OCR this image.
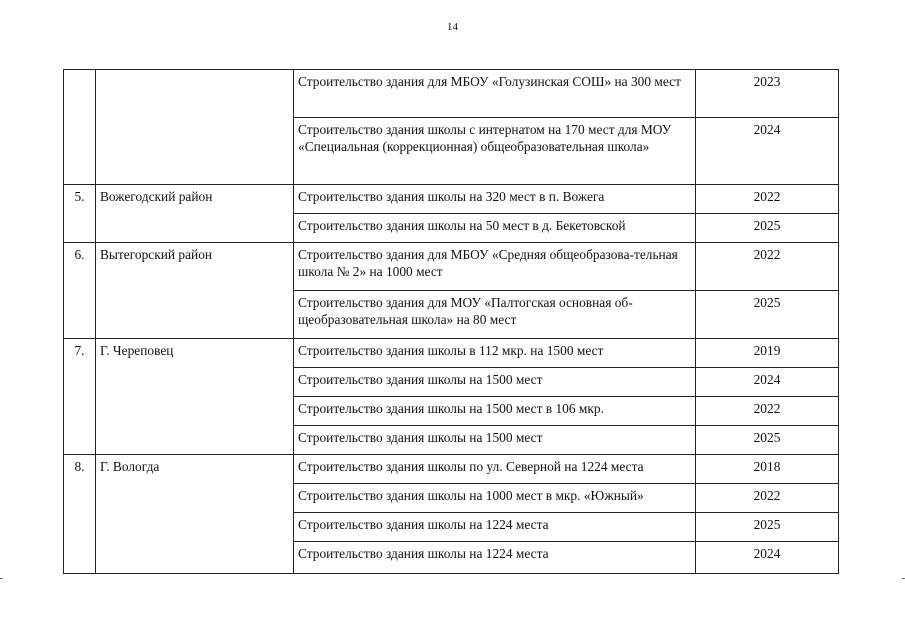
14
		Строительство здания для МБОУ «Голузинская СОШ» на 300 мест	2023
		Строительство здания школы с интернатом на 170 мест для МОУ «Специальная (коррекционная) общеобразовательная школа»	2024
5.	Вожегодский район	Строительство здания школы на 320 мест в п. Вожега	2022
		Строительство здания школы на 50 мест в д. Бекетовской	2025
6.	Вытегорский район	Строительство здания для МБОУ «Средняя общеобразова-тельная школа № 2» на 1000 мест	2022
		Строительство здания для МОУ «Палтогская основная об-щеобразовательная школа» на 80 мест	2025
7.	Г. Череповец	Строительство здания школы в 112 мкр. на 1500 мест	2019
		Строительство здания школы на 1500 мест	2024
		Строительство здания школы на 1500 мест в 106 мкр.	2022
		Строительство здания школы на 1500 мест	2025
8.	Г. Вологда	Строительство здания школы по ул. Северной на 1224 места	2018
		Строительство здания школы на 1000 мест в мкр. «Южный»	2022
		Строительство здания школы на 1224 места	2025
		Строительство здания школы на 1224 места	2024
